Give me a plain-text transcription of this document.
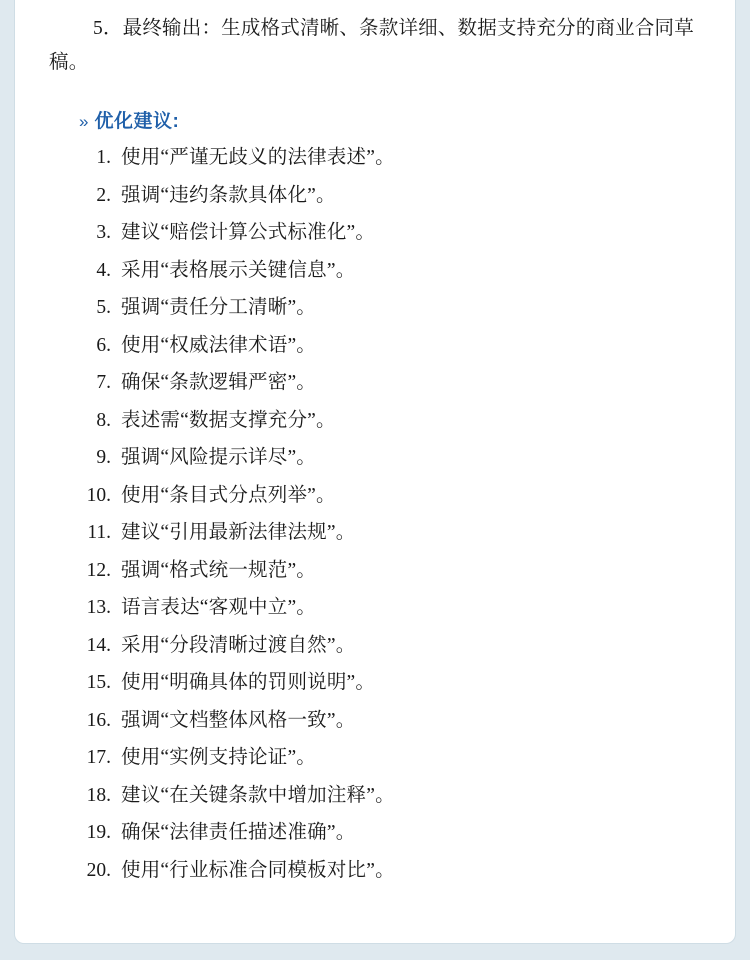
5．最终输出：生成格式清晰、条款详细、数据支持充分的商业合同草稿。

» 优化建议:
1. 使用“严谨无歧义的法律表述”。
2. 强调“违约条款具体化”。
3. 建议“赔偿计算公式标准化”。
4. 采用“表格展示关键信息”。
5. 强调“责任分工清晰”。
6. 使用“权威法律术语”。
7. 确保“条款逻辑严密”。
8. 表述需“数据支撑充分”。
9. 强调“风险提示详尽”。
10. 使用“条目式分点列举”。
11. 建议“引用最新法律法规”。
12. 强调“格式统一规范”。
13. 语言表达“客观中立”。
14. 采用“分段清晰过渡自然”。
15. 使用“明确具体的罚则说明”。
16. 强调“文档整体风格一致”。
17. 使用“实例支持论证”。
18. 建议“在关键条款中增加注释”。
19. 确保“法律责任描述准确”。
20. 使用“行业标准合同模板对比”。
